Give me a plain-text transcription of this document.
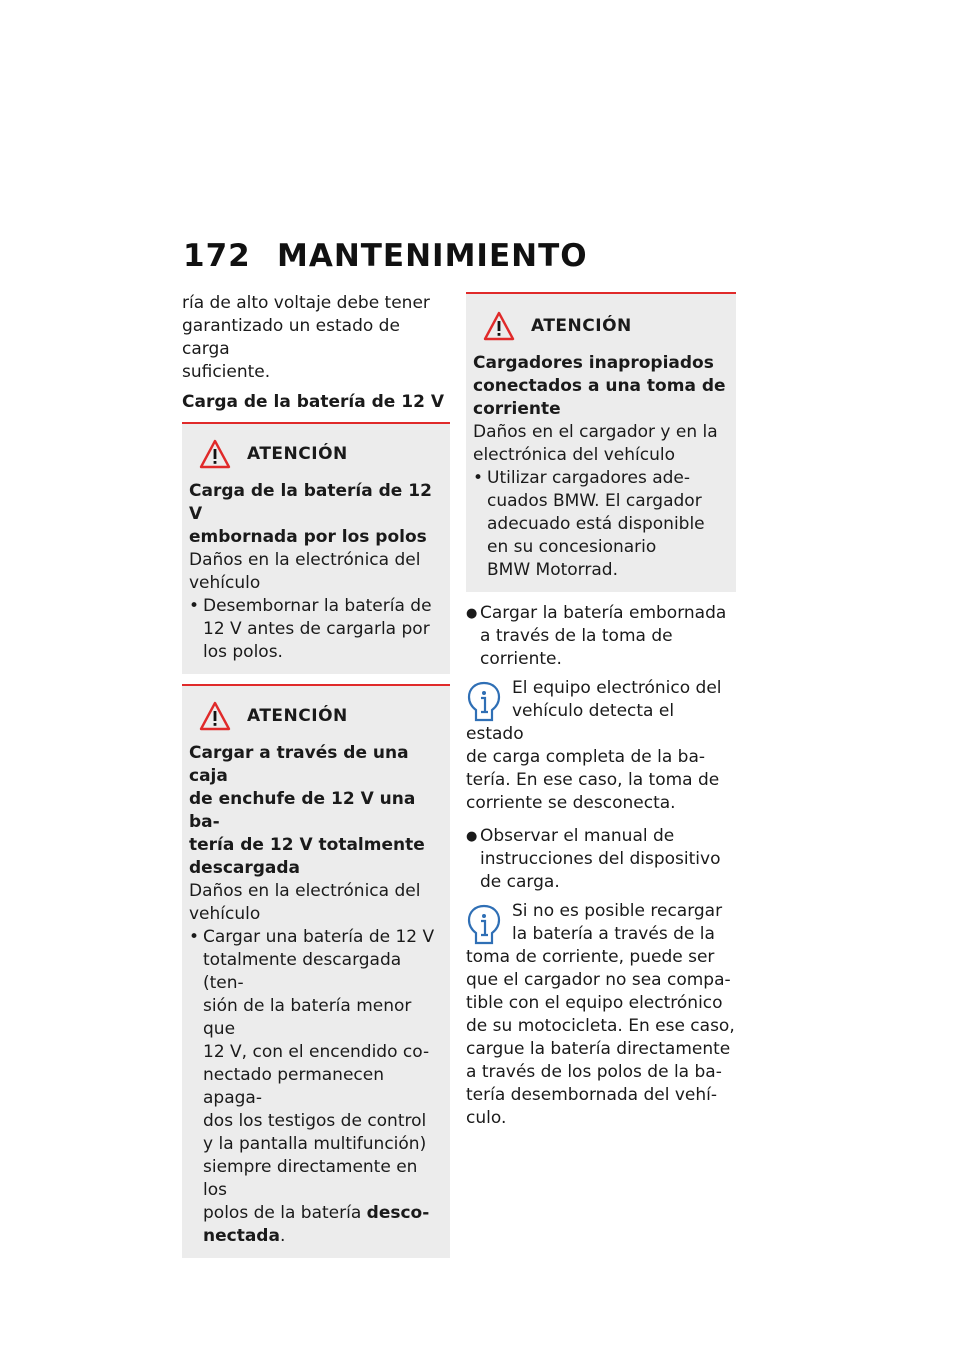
172 MANTENIMIENTO

ría de alto voltaje debe tener

garantizado un estado de carga

suficiente.

Carga de la batería de 12 V
ATENCIÓN
Carga de la batería de 12 V
embornada por los polos

Daños en la electrónica del

vehículo

• Desembornar la batería de
12 V antes de cargarla por
los polos.
ATENCIÓN
Cargar a través de una caja
de enchufe de 12 V una ba-
tería de 12 V totalmente
descargada

Daños en la electrónica del

vehículo

• Cargar una batería de 12 V
totalmente descargada (ten-
sión de la batería menor que
12 V, con el encendido co-
nectado permanecen apaga-
dos los testigos de control
y la pantalla multifunción)
siempre directamente en los
polos de la batería desco-
nectada.
ATENCIÓN
Cargadores inapropiados
conectados a una toma de
corriente

Daños en el cargador y en la

electrónica del vehículo

• Utilizar cargadores ade-
cuados BMW. El cargador
adecuado está disponible
en su concesionario
BMW Motorrad.
● Cargar la batería embornada
a través de la toma de
corriente.
El equipo electrónico del
vehículo detecta el estado
de carga completa de la ba-
tería. En ese caso, la toma de
corriente se desconecta.
● Observar el manual de
instrucciones del dispositivo
de carga.
Si no es posible recargar
la batería a través de la
toma de corriente, puede ser
que el cargador no sea compa-
tible con el equipo electrónico
de su motocicleta. En ese caso,
cargue la batería directamente
a través de los polos de la ba-
tería desembornada del vehí-
culo.
